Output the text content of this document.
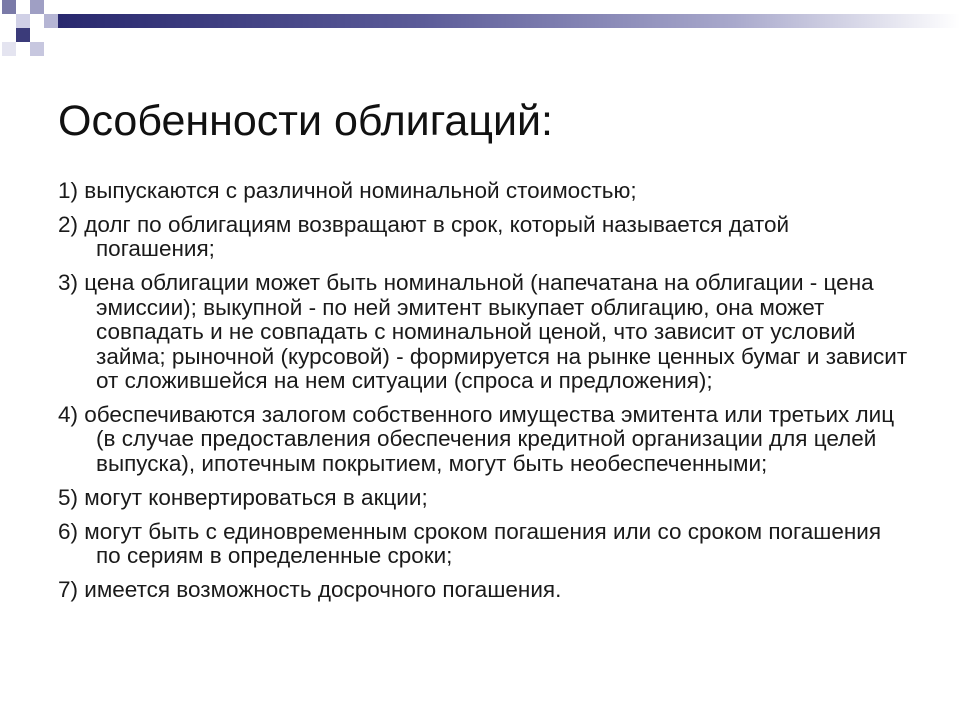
Особенности облигаций:
1) выпускаются с различной номинальной стоимостью;
2) долг по облигациям возвращают в срок, который называется датой погашения;
3) цена облигации может быть номинальной (напечатана на облигации - цена эмиссии); выкупной - по ней эмитент выкупает облигацию, она может совпадать и не совпадать с номинальной ценой, что зависит от условий займа; рыночной (курсовой) - формируется на рынке ценных бумаг и зависит от сложившейся на нем ситуации (спроса и предложения);
4) обеспечиваются залогом собственного имущества эмитента или третьих лиц (в случае предоставления обеспечения кредитной организации для целей выпуска), ипотечным покрытием, могут быть необеспеченными;
5) могут конвертироваться в акции;
6) могут быть с единовременным сроком погашения или со сроком погашения по сериям в определенные сроки;
7) имеется возможность досрочного погашения.
